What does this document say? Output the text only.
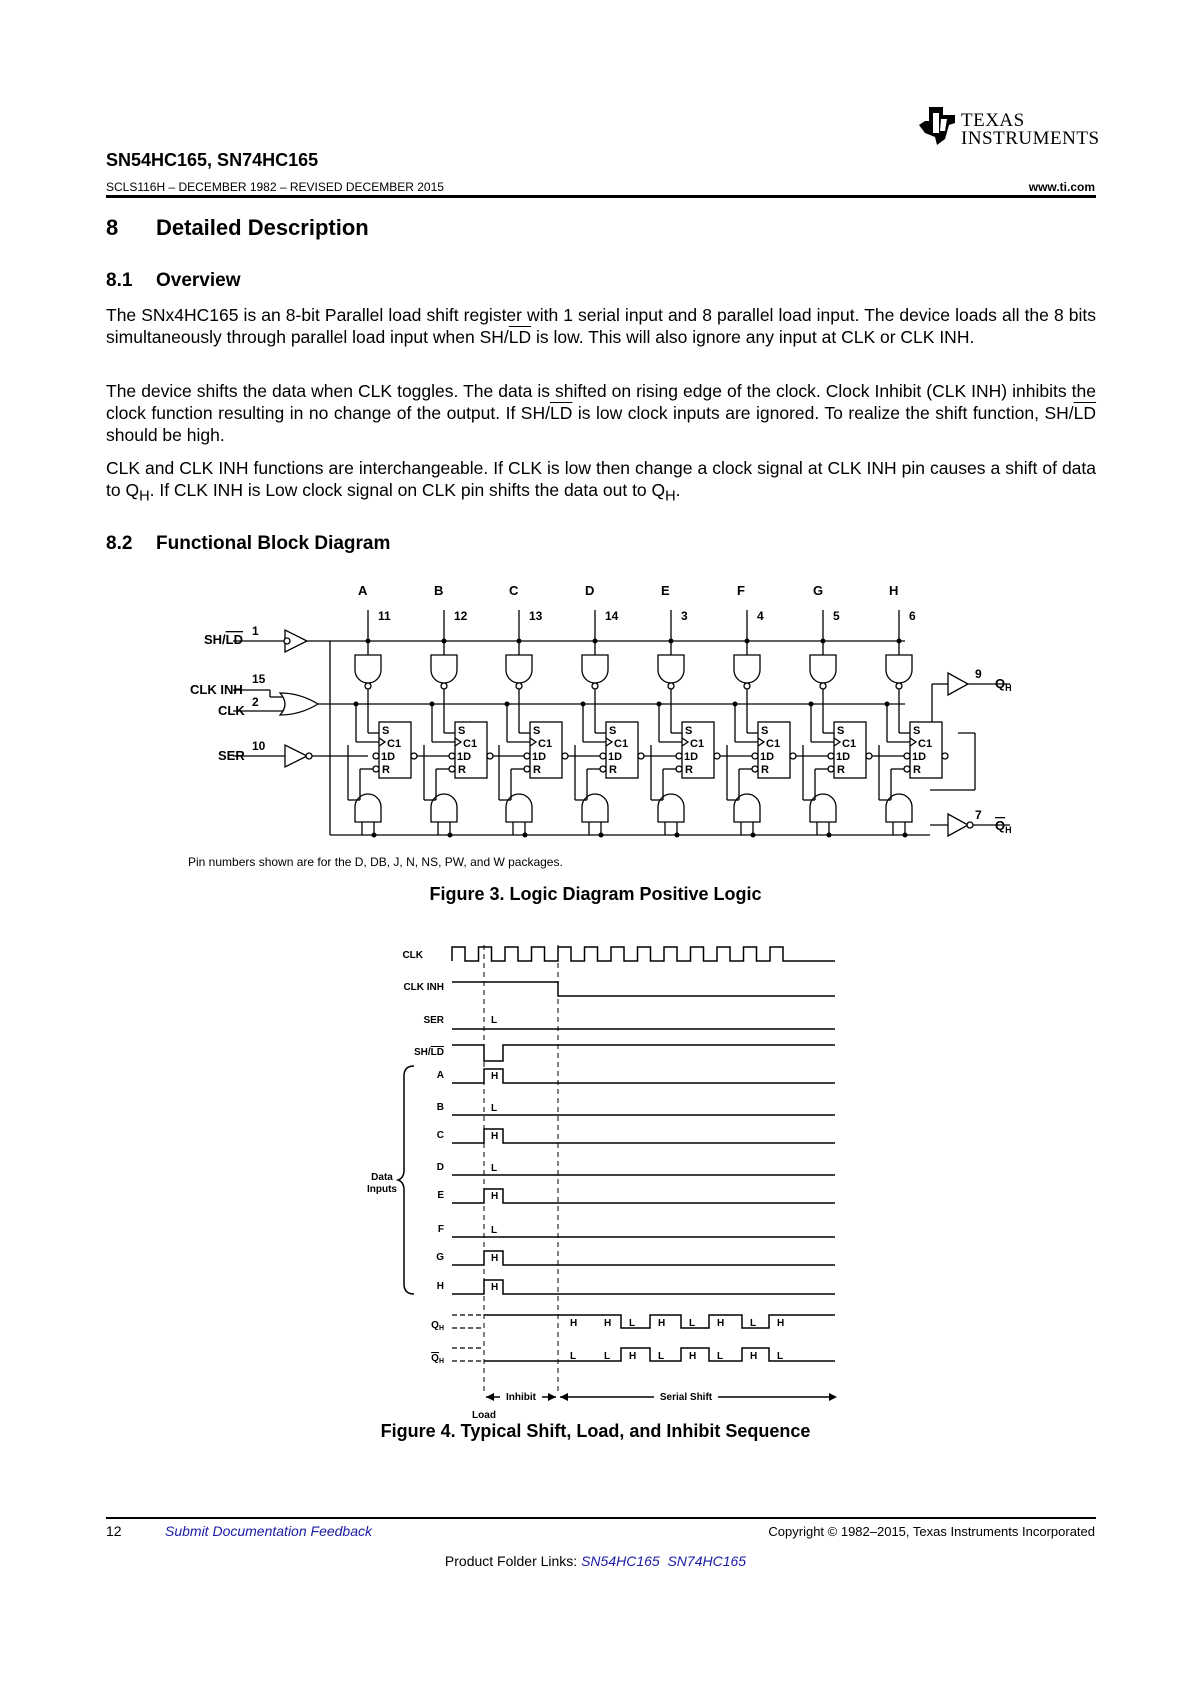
TEXAS
INSTRUMENTS
SN54HC165, SN74HC165
SCLS116H – DECEMBER 1982 – REVISED DECEMBER 2015	www.ti.com
8 Detailed Description
8.1 Overview

The SNx4HC165 is an 8-bit Parallel load shift register with 1 serial input and 8 parallel load input. The device loads all the 8 bits simultaneously through parallel load input when $SH/\overline{LD}$ is low. This will also ignore any input at CLK or CLK INH.

The device shifts the data when CLK toggles. The data is shifted on rising edge of the clock. Clock Inhibit (CLK INH) inhibits the clock function resulting in no change of the output. If $SH/\overline{LD}$ is low clock inputs are ignored. To realize the shift function, $SH/\overline{LD}$ should be high.

CLK and CLK INH functions are interchangeable. If CLK is low then change a clock signal at CLK INH pin causes a shift of data to $Q_H$. If CLK INH is Low clock signal on CLK pin shifts the data out to $Q_H$.

8.2 Functional Block Diagram
A
11
S
C1
1D
R
B
12
S
C1
1D
R
C
13
S
C1
1D
R
D
14
S
C1
1D
R
E
3
S
C1
1D
R
F
4
S
C1
1D
R
G
5
S
C1
1D
R
H
6
S
C1
1D
R
SH/LD
1
CLK INH
15
CLK
2
SER
10
9
$Q_H$
7
$Q_H$
Pin numbers shown are for the D, DB, J, N, NS, PW, and W packages.
Figure 3. Logic Diagram Positive Logic
A	H
B	L
C	H
D	L
E	H
F	L
G	H
H	H
H	H L H L H	L H
L	L H L H L	H L
CLK
CLK INH
SER
SH/LD
L
Data
Inputs
$Q_H$
$Q_H$
Inhibit	Serial Shift
Load
Figure 4. Typical Shift, Load, and Inhibit Sequence
12	Submit Documentation Feedback	Copyright © 1982–2015, Texas Instruments Incorporated
Product Folder Links: SN54HC165 SN74HC165
